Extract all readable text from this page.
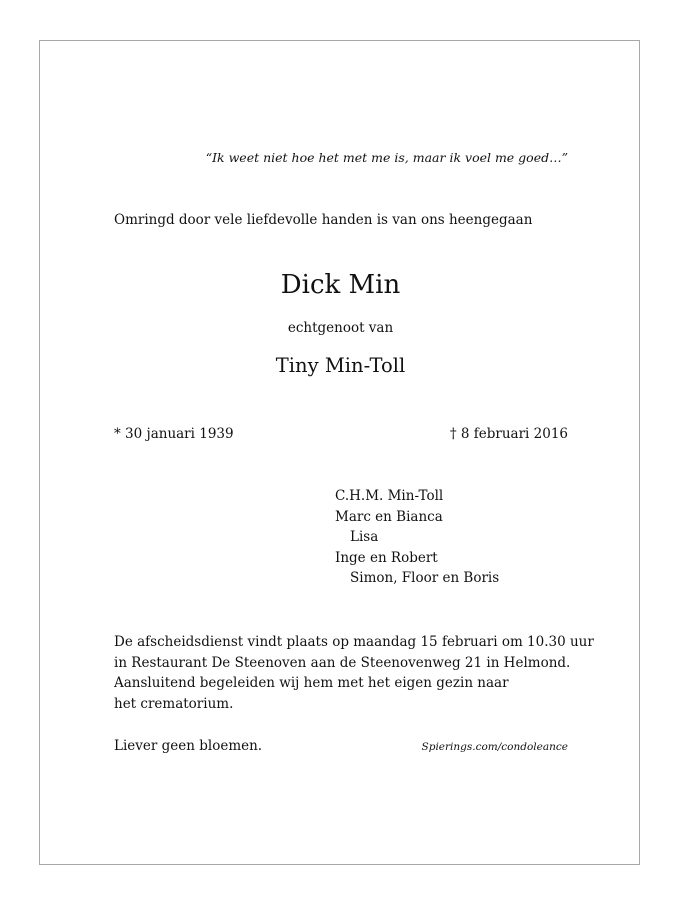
“Ik weet niet hoe het met me is, maar ik voel me goed…”
Omringd door vele liefdevolle handen is van ons heengegaan
Dick Min
echtgenoot van
Tiny Min-Toll
* 30 januari 1939	† 8 februari 2016
C.H.M. Min-Toll
Marc en Bianca
Lisa
Inge en Robert
Simon, Floor en Boris
De afscheidsdienst vindt plaats op maandag 15 februari om 10.30 uur
in Restaurant De Steenoven aan de Steenovenweg 21 in Helmond.
Aansluitend begeleiden wij hem met het eigen gezin naar
het crematorium.
Liever geen bloemen.	Spierings.com/condoleance
